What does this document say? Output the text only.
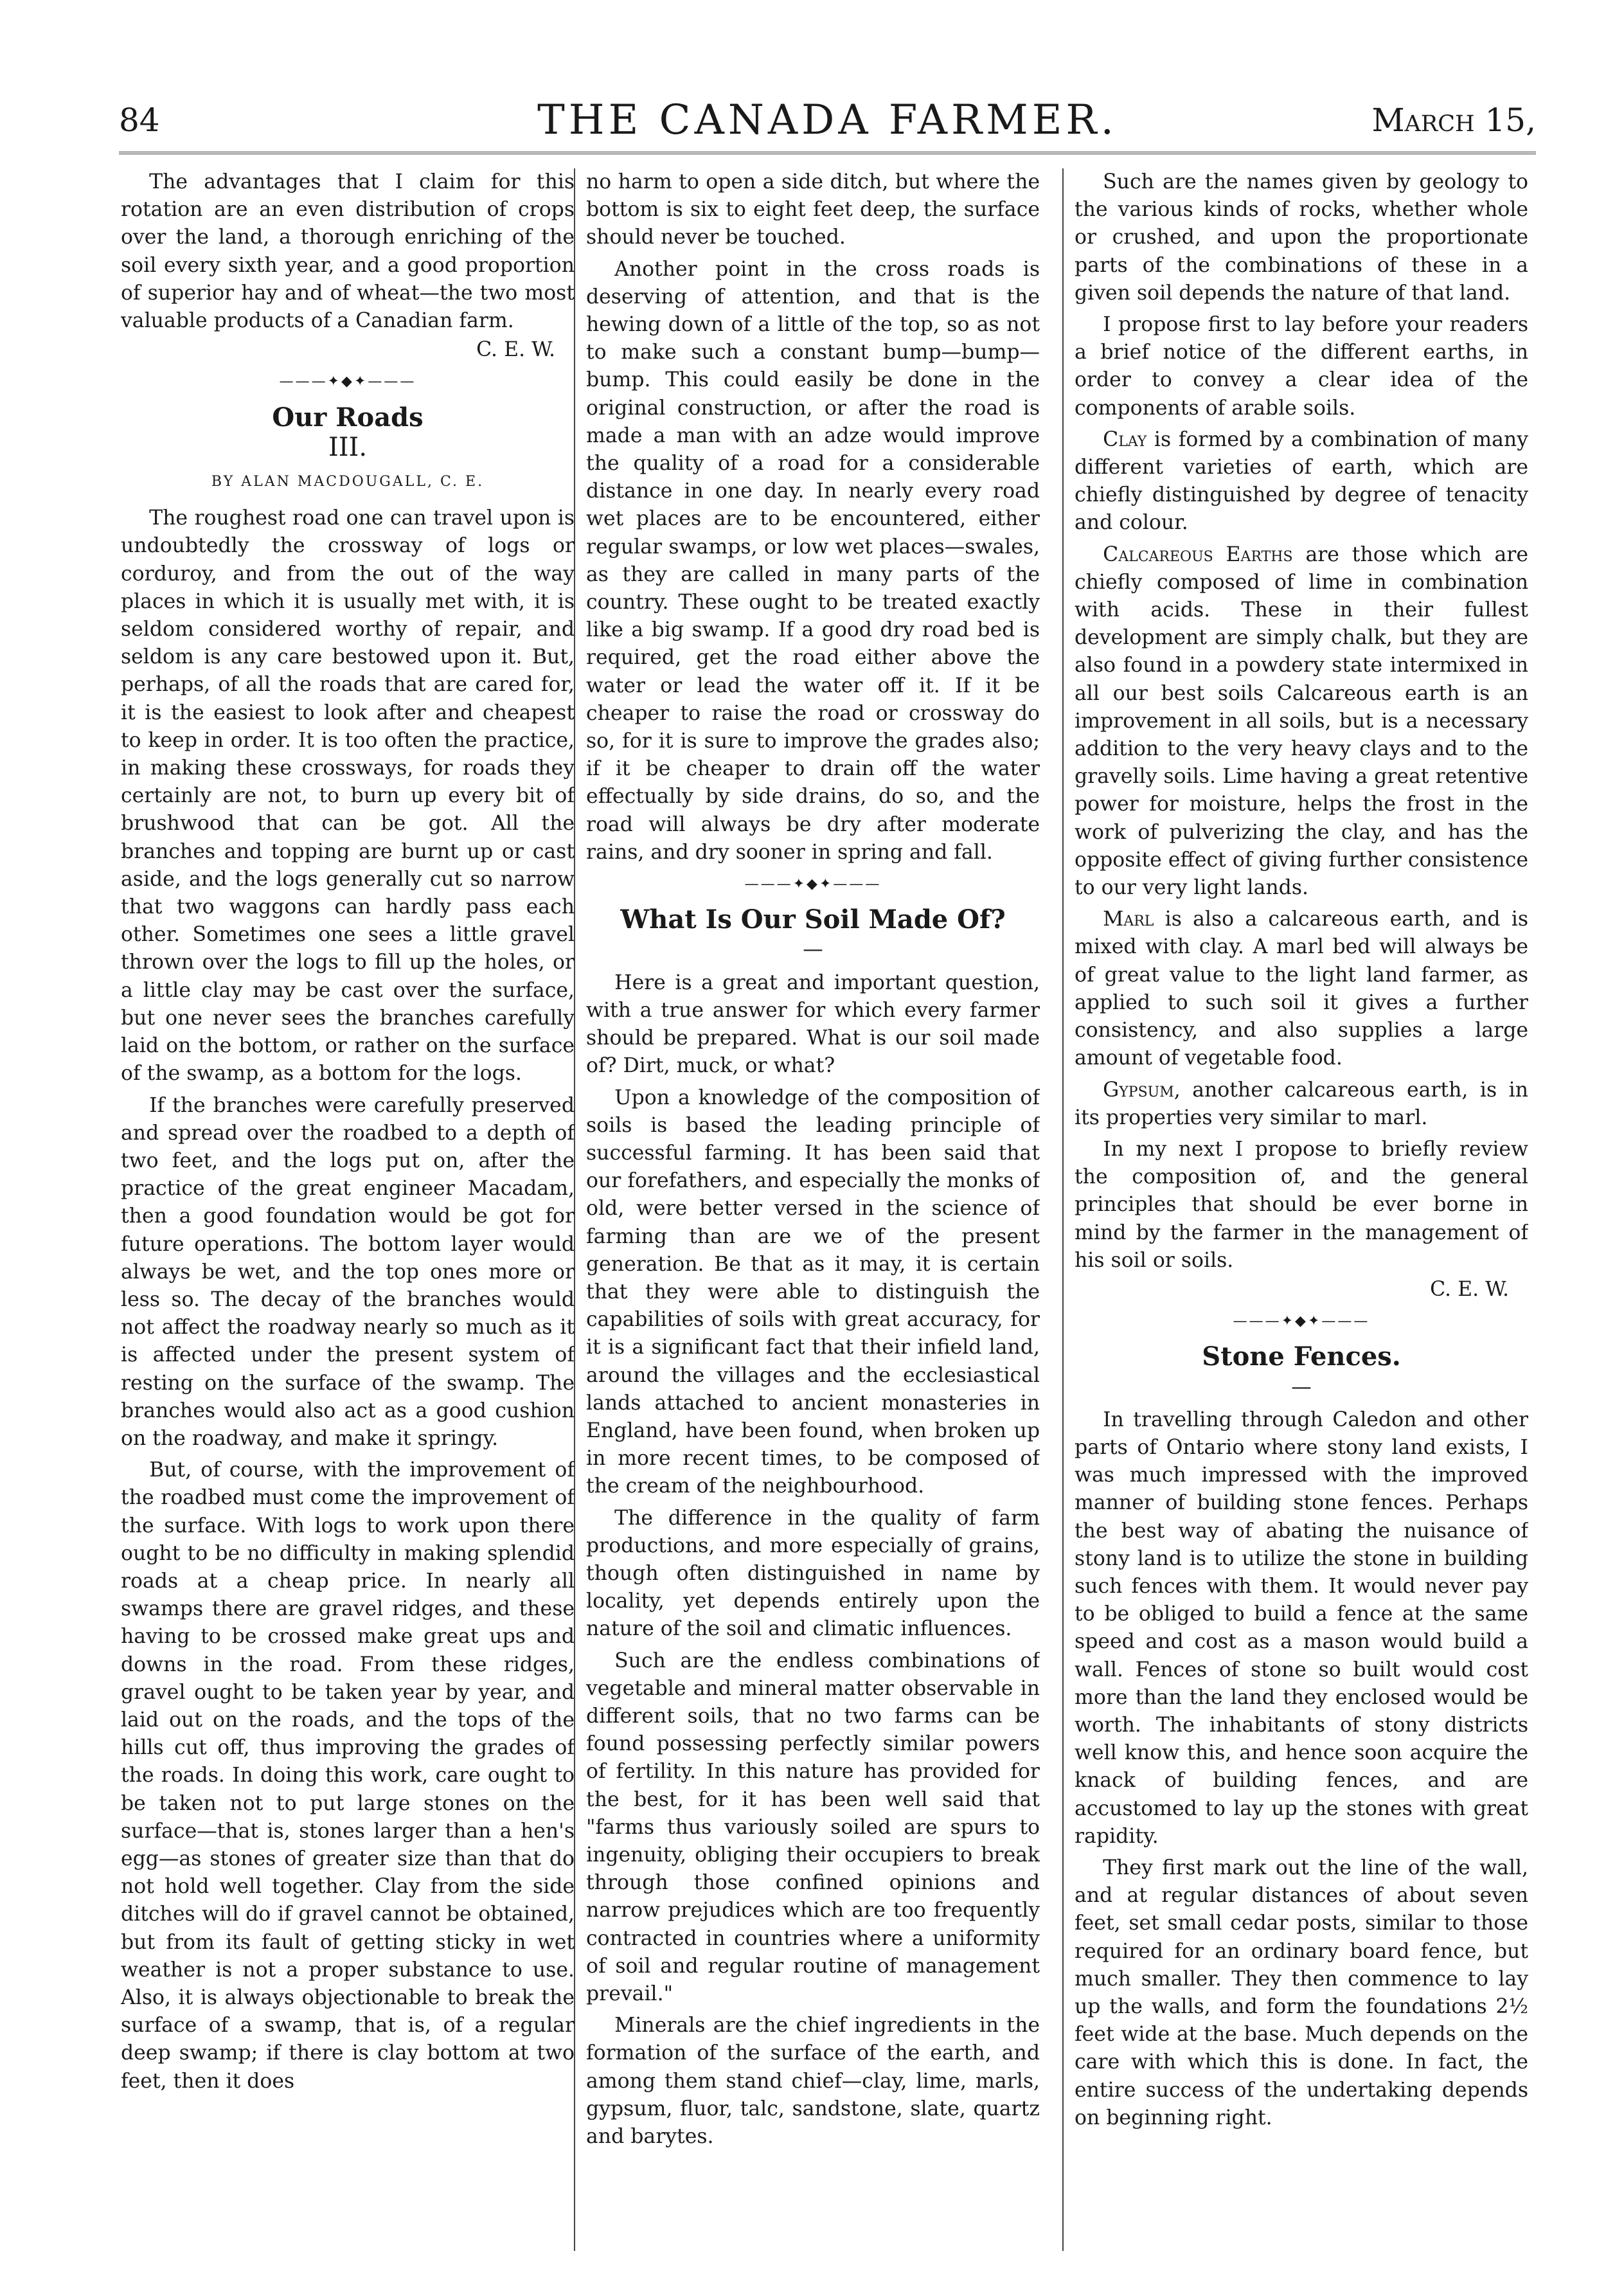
84	THE CANADA FARMER.	March 15,

The advantages that I claim for this rotation are an even distribution of crops over the land, a thorough enriching of the soil every sixth year, and a good proportion of superior hay and of wheat—the two most valuable products of a Canadian farm.

C. E. W.
———✦◆✦———
Our Roads
III.
BY ALAN MACDOUGALL, C. E.

The roughest road one can travel upon is undoubtedly the crossway of logs or corduroy, and from the out of the way places in which it is usually met with, it is seldom considered worthy of repair, and seldom is any care bestowed upon it. But, perhaps, of all the roads that are cared for, it is the easiest to look after and cheapest to keep in order. It is too often the practice, in making these crossways, for roads they certainly are not, to burn up every bit of brushwood that can be got. All the branches and topping are burnt up or cast aside, and the logs generally cut so narrow that two waggons can hardly pass each other. Sometimes one sees a little gravel thrown over the logs to fill up the holes, or a little clay may be cast over the surface, but one never sees the branches carefully laid on the bottom, or rather on the surface of the swamp, as a bottom for the logs.

If the branches were carefully preserved and spread over the roadbed to a depth of two feet, and the logs put on, after the practice of the great engineer Macadam, then a good foundation would be got for future operations. The bottom layer would always be wet, and the top ones more or less so. The decay of the branches would not affect the roadway nearly so much as it is affected under the present system of resting on the surface of the swamp. The branches would also act as a good cushion on the roadway, and make it springy.

But, of course, with the improvement of the roadbed must come the improvement of the surface. With logs to work upon there ought to be no difficulty in making splendid roads at a cheap price. In nearly all swamps there are gravel ridges, and these having to be crossed make great ups and downs in the road. From these ridges, gravel ought to be taken year by year, and laid out on the roads, and the tops of the hills cut off, thus improving the grades of the roads. In doing this work, care ought to be taken not to put large stones on the surface—that is, stones larger than a hen's egg—as stones of greater size than that do not hold well together. Clay from the side ditches will do if gravel cannot be obtained, but from its fault of getting sticky in wet weather is not a proper substance to use. Also, it is always objectionable to break the surface of a swamp, that is, of a regular deep swamp; if there is clay bottom at two feet, then it does

no harm to open a side ditch, but where the bottom is six to eight feet deep, the surface should never be touched.

Another point in the cross roads is deserving of attention, and that is the hewing down of a little of the top, so as not to make such a constant bump—bump—bump. This could easily be done in the original construction, or after the road is made a man with an adze would improve the quality of a road for a considerable distance in one day. In nearly every road wet places are to be encountered, either regular swamps, or low wet places—swales, as they are called in many parts of the country. These ought to be treated exactly like a big swamp. If a good dry road bed is required, get the road either above the water or lead the water off it. If it be cheaper to raise the road or crossway do so, for it is sure to improve the grades also; if it be cheaper to drain off the water effectually by side drains, do so, and the road will always be dry after moderate rains, and dry sooner in spring and fall.

———✦◆✦———
What Is Our Soil Made Of?
—

Here is a great and important question, with a true answer for which every farmer should be prepared. What is our soil made of? Dirt, muck, or what?

Upon a knowledge of the composition of soils is based the leading principle of successful farming. It has been said that our forefathers, and especially the monks of old, were better versed in the science of farming than are we of the present generation. Be that as it may, it is certain that they were able to distinguish the capabilities of soils with great accuracy, for it is a significant fact that their infield land, around the villages and the ecclesiastical lands attached to ancient monasteries in England, have been found, when broken up in more recent times, to be composed of the cream of the neighbourhood.

The difference in the quality of farm productions, and more especially of grains, though often distinguished in name by locality, yet depends entirely upon the nature of the soil and climatic influences.

Such are the endless combinations of vegetable and mineral matter observable in different soils, that no two farms can be found possessing perfectly similar powers of fertility. In this nature has provided for the best, for it has been well said that "farms thus variously soiled are spurs to ingenuity, obliging their occupiers to break through those confined opinions and narrow prejudices which are too frequently contracted in countries where a uniformity of soil and regular routine of management prevail."

Minerals are the chief ingredients in the formation of the surface of the earth, and among them stand chief—clay, lime, marls, gypsum, fluor, talc, sandstone, slate, quartz and barytes.

Such are the names given by geology to the various kinds of rocks, whether whole or crushed, and upon the proportionate parts of the combinations of these in a given soil depends the nature of that land.

I propose first to lay before your readers a brief notice of the different earths, in order to convey a clear idea of the components of arable soils.

Clay is formed by a combination of many different varieties of earth, which are chiefly distinguished by degree of tenacity and colour.

Calcareous Earths are those which are chiefly composed of lime in combination with acids. These in their fullest development are simply chalk, but they are also found in a powdery state intermixed in all our best soils Calcareous earth is an improvement in all soils, but is a necessary addition to the very heavy clays and to the gravelly soils. Lime having a great retentive power for moisture, helps the frost in the work of pulverizing the clay, and has the opposite effect of giving further consistence to our very light lands.

Marl is also a calcareous earth, and is mixed with clay. A marl bed will always be of great value to the light land farmer, as applied to such soil it gives a further consistency, and also supplies a large amount of vegetable food.

Gypsum, another calcareous earth, is in its properties very similar to marl.

In my next I propose to briefly review the composition of, and the general principles that should be ever borne in mind by the farmer in the management of his soil or soils.

C. E. W.
———✦◆✦———
Stone Fences.
—

In travelling through Caledon and other parts of Ontario where stony land exists, I was much impressed with the improved manner of building stone fences. Perhaps the best way of abating the nuisance of stony land is to utilize the stone in building such fences with them. It would never pay to be obliged to build a fence at the same speed and cost as a mason would build a wall. Fences of stone so built would cost more than the land they enclosed would be worth. The inhabitants of stony districts well know this, and hence soon acquire the knack of building fences, and are accustomed to lay up the stones with great rapidity.

They first mark out the line of the wall, and at regular distances of about seven feet, set small cedar posts, similar to those required for an ordinary board fence, but much smaller. They then commence to lay up the walls, and form the foundations 2½ feet wide at the base. Much depends on the care with which this is done. In fact, the entire success of the undertaking depends on beginning right.
